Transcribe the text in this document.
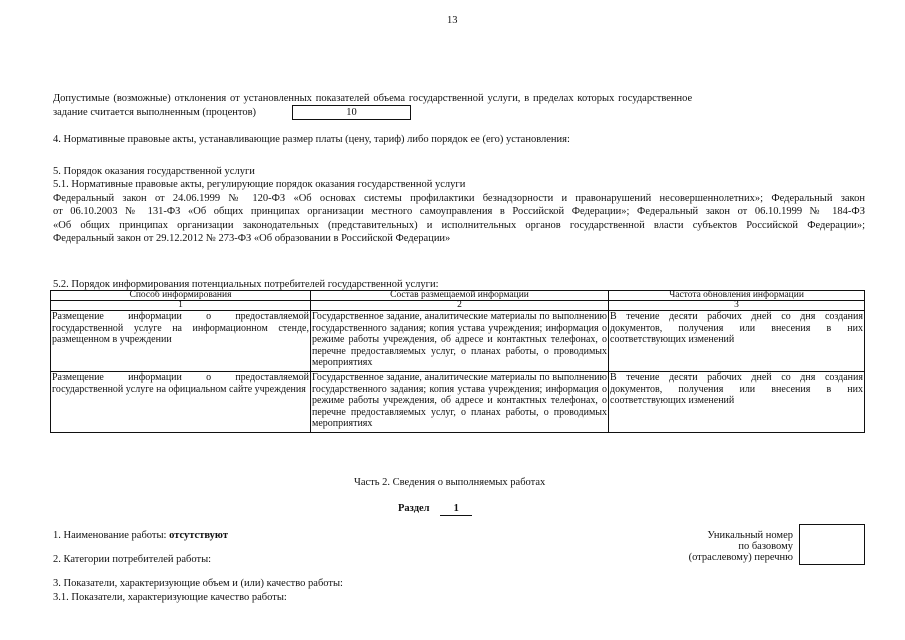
13
Допустимые (возможные) отклонения от установленных показателей объема государственной услуги, в пределах которых государственное
задание считается выполненным (процентов)	10
4. Нормативные правовые акты, устанавливающие размер платы (цену, тариф) либо порядок ее (его) установления:
5. Порядок оказания государственной услуги
5.1. Нормативные правовые акты, регулирующие порядок оказания государственной услуги
Федеральный закон от 24.06.1999 № 120-ФЗ «Об основах системы профилактики безнадзорности и правонарушений несовершеннолетних»; Федеральный закон
от 06.10.2003 № 131-ФЗ «Об общих принципах организации местного самоуправления в Российской Федерации»; Федеральный закон от 06.10.1999 № 184-ФЗ
«Об общих принципах организации законодательных (представительных) и исполнительных органов государственной власти субъектов Российской Федерации»;
Федеральный закон от 29.12.2012 № 273-ФЗ «Об образовании в Российской Федерации»
5.2. Порядок информирования потенциальных потребителей государственной услуги:
Способ информирования	Состав размещаемой информации	Частота обновления информации
1	2	3

Размещение информации о предоставляемой государственной услуге на информационном стенде, размещенном в учреждении	Государственное задание, аналитические материалы по выполнению государственного задания; копия устава учреждения; информация о режиме работы учреждения, об адресе и контактных телефонах, о перечне предоставляемых услуг, о планах работы, о проводимых мероприятиях	В течение десяти рабочих дней со дня создания документов, получения или внесения в них соответствующих изменений

Размещение информации о предоставляемой государственной услуге на официальном сайте учреждения	Государственное задание, аналитические материалы по выполнению государственного задания; копия устава учреждения; информация о режиме работы учреждения, об адресе и контактных телефонах, о перечне предоставляемых услуг, о планах работы, о проводимых мероприятиях	В течение десяти рабочих дней со дня создания документов, получения или внесения в них соответствующих изменений
Часть 2. Сведения о выполняемых работах
Раздел 1
1. Наименование работы: отсутствуют	Уникальный номер
по базовому
(отраслевому) перечню
2. Категории потребителей работы:
3. Показатели, характеризующие объем и (или) качество работы:
3.1. Показатели, характеризующие качество работы:
